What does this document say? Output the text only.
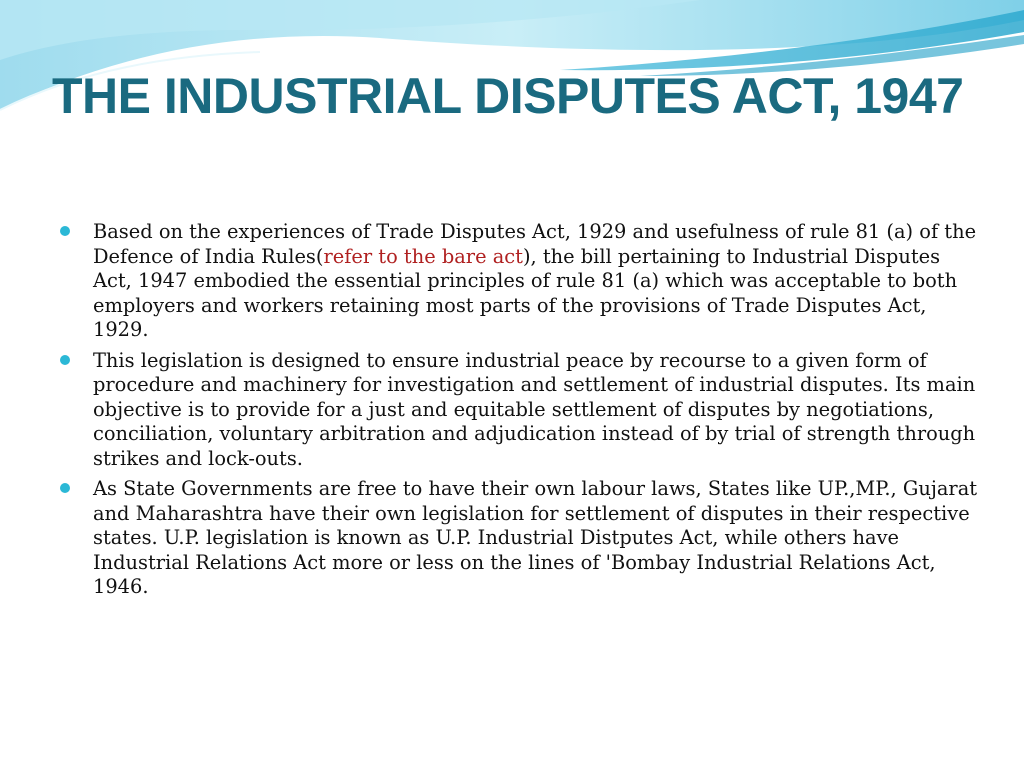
THE INDUSTRIAL DISPUTES ACT, 1947
Based on the experiences of Trade Disputes Act, 1929 and usefulness of rule 81 (a) of the Defence of India Rules(refer to the bare act), the bill pertaining to Industrial Disputes Act, 1947 embodied the essential principles of rule 81 (a) which was acceptable to both employers and workers retaining most parts of the provisions of Trade Disputes Act, 1929.
This legislation is designed to ensure industrial peace by recourse to a given form of procedure and machinery for investigation and settlement of industrial disputes. Its main objective is to provide for a just and equitable settlement of disputes by negotiations, conciliation, voluntary arbitration and adjudication instead of by trial of strength through strikes and lock-outs.
As State Governments are free to have their own labour laws, States like UP.,MP., Gujarat and Maharashtra have their own legislation for settlement of disputes in their respective states. U.P. legislation is known as U.P. Industrial Distputes Act, while others have Industrial Relations Act more or less on the lines of 'Bombay Industrial Relations Act, 1946.
